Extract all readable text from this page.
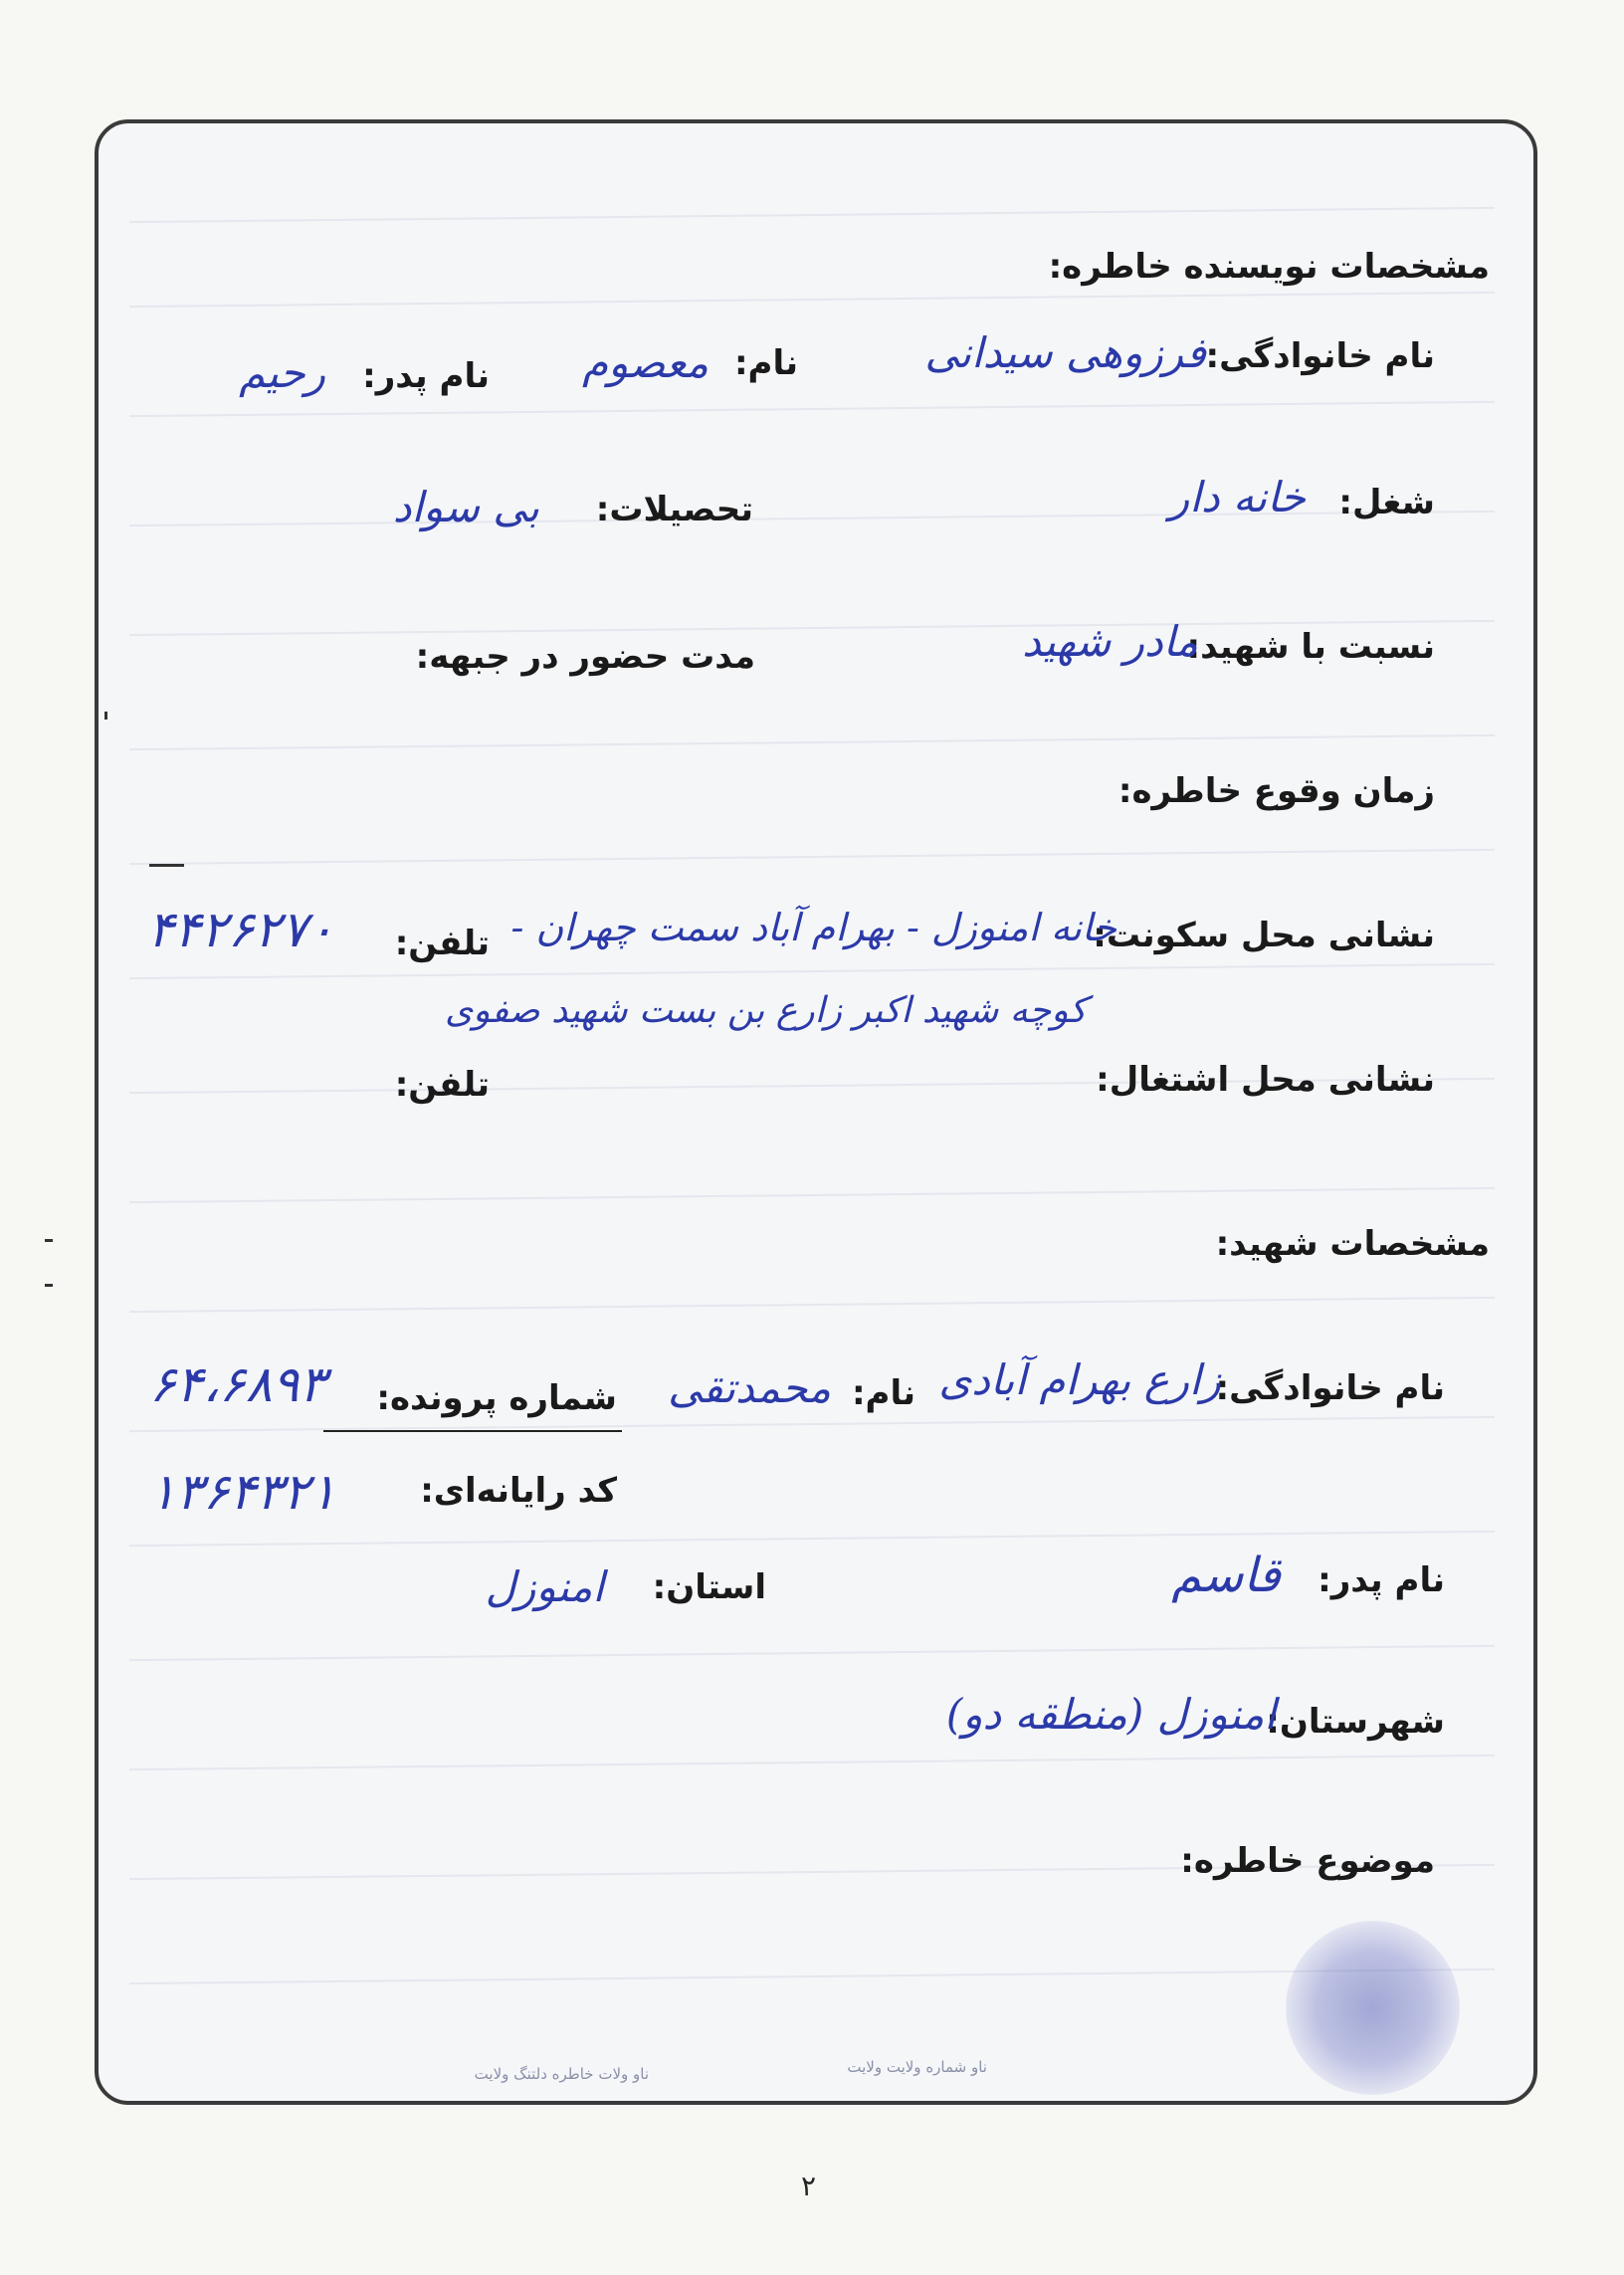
مشخصات نویسنده خاطره:
نام خانوادگی:
فرزوهی سیدانی
نام:
معصوم
نام پدر:
رحیم
شغل:
خانه دار
تحصیلات:
بی سواد
نسبت با شهید:
مادر شهید
مدت حضور در جبهه:
زمان وقوع خاطره:
نشانی محل سکونت:
خانه امنوزل - بهرام آباد سمت چهران -
کوچه شهید اکبر زارع بن بست شهید صفوی
تلفن:
۴۴۲۶۲۷۰
نشانی محل اشتغال:
تلفن:
مشخصات شهید:
نام خانوادگی:
زارع بهرام آبادی
نام:
محمدتقی
شماره پرونده:
۶۴،۶۸۹۳
کد رایانه‌ای:
۱۳۶۴۳۲۱
نام پدر:
قاسم
استان:
امنوزل
شهرستان:
امنوزل (منطقه دو)
موضوع خاطره:
ناو شماره ولایت ولایت
ناو ولات خاطره دلتنگ ولایت
۲
